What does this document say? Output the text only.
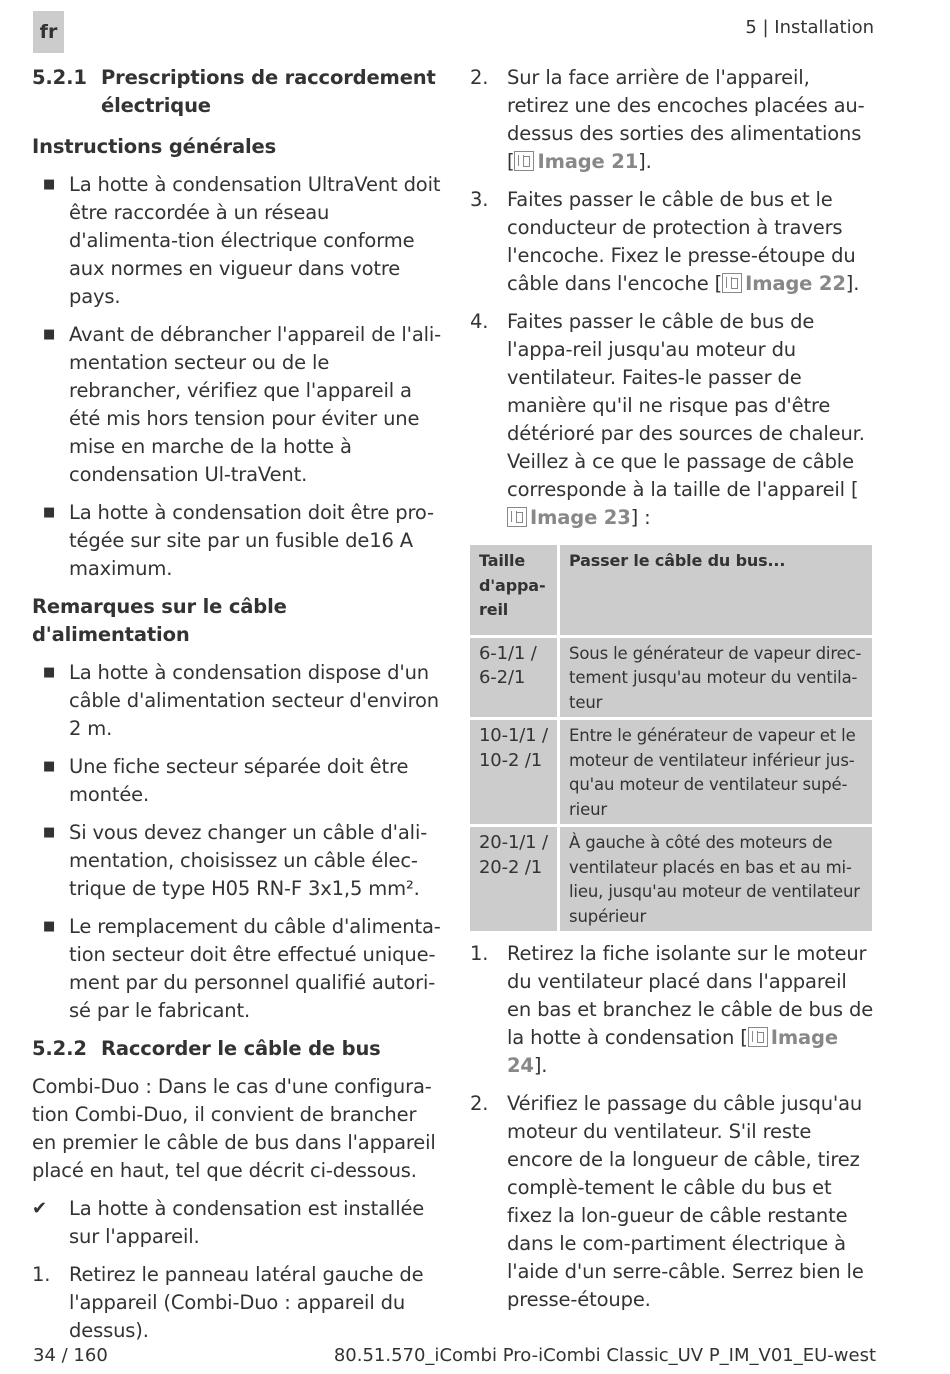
fr	5 | Installation
5.2.1 Prescriptions de raccordement électrique
Instructions générales
■ La hotte à condensation UltraVent doit être raccordée à un réseau d'alimenta-tion électrique conforme aux normes en vigueur dans votre pays.
■ Avant de débrancher l'appareil de l'ali-mentation secteur ou de le rebrancher, vérifiez que l'appareil a été mis hors tension pour éviter une mise en marche de la hotte à condensation Ul-traVent.
■ La hotte à condensation doit être pro-tégée sur site par un fusible de16 A maximum.
Remarques sur le câble d'alimentation
■ La hotte à condensation dispose d'un câble d'alimentation secteur d'environ 2 m.
■ Une fiche secteur séparée doit être montée.
■ Si vous devez changer un câble d'ali-mentation, choisissez un câble élec-trique de type H05 RN-F 3x1,5 mm².
■ Le remplacement du câble d'alimenta-tion secteur doit être effectué unique-ment par du personnel qualifié autori-sé par le fabricant.
5.2.2 Raccorder le câble de bus

Combi-Duo : Dans le cas d'une configura-tion Combi-Duo, il convient de brancher en premier le câble de bus dans l'appareil placé en haut, tel que décrit ci-dessous.

✔	La hotte à condensation est installée sur l'appareil.
1. Retirez le panneau latéral gauche de l'appareil (Combi-Duo : appareil du dessus).
2. Sur la face arrière de l'appareil, retirez une des encoches placées au-dessus des sorties des alimentations
[ Image 21].
3. Faites passer le câble de bus et le conducteur de protection à travers l'encoche. Fixez le presse-étoupe du câble dans l'encoche [ Image 22].
4. Faites passer le câble de bus de l'appa-reil jusqu'au moteur du ventilateur. Faites-le passer de manière qu'il ne risque pas d'être détérioré par des sources de chaleur. Veillez à ce que le passage de câble corresponde à la taille de l'appareil [Image 23] :
Taille d'appa-reil	Passer le câble du bus...
6-1/1 / 6-2/1	Sous le générateur de vapeur direc-tement jusqu'au moteur du ventila-teur
10-1/1 / 10-2 /1	Entre le générateur de vapeur et le moteur de ventilateur inférieur jus-qu'au moteur de ventilateur supé-rieur
20-1/1 / 20-2 /1	À gauche à côté des moteurs de ventilateur placés en bas et au mi-lieu, jusqu'au moteur de ventilateur supérieur
1. Retirez la fiche isolante sur le moteur du ventilateur placé dans l'appareil en bas et branchez le câble de bus de la hotte à condensation [ Image 24].
2. Vérifiez le passage du câble jusqu'au moteur du ventilateur. S'il reste encore de la longueur de câble, tirez complè-tement le câble du bus et fixez la lon-gueur de câble restante dans le com-partiment électrique à l'aide d'un serre-câble. Serrez bien le presse-étoupe.
34 / 160	80.51.570_iCombi Pro-iCombi Classic_UV P_IM_V01_EU-west
